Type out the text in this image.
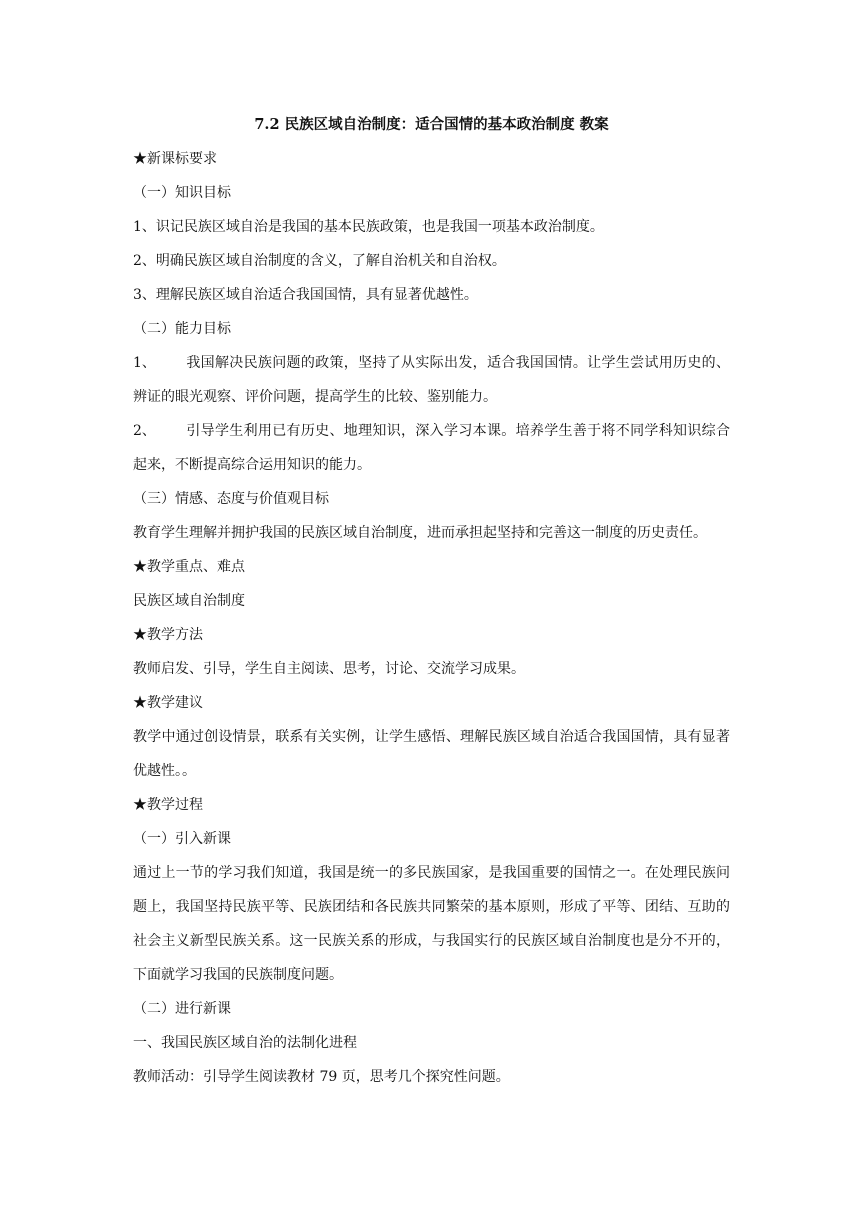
7.2 民族区域自治制度：适合国情的基本政治制度 教案

★新课标要求

（一）知识目标

1、识记民族区域自治是我国的基本民族政策，也是我国一项基本政治制度。

2、明确民族区域自治制度的含义，了解自治机关和自治权。

3、理解民族区域自治适合我国国情，具有显著优越性。

（二）能力目标

1、 我国解决民族问题的政策，坚持了从实际出发，适合我国国情。让学生尝试用历史的、辨证的眼光观察、评价问题，提高学生的比较、鉴别能力。

2、 引导学生利用已有历史、地理知识，深入学习本课。培养学生善于将不同学科知识综合起来，不断提高综合运用知识的能力。

（三）情感、态度与价值观目标

教育学生理解并拥护我国的民族区域自治制度，进而承担起坚持和完善这一制度的历史责任。

★教学重点、难点

民族区域自治制度

★教学方法

教师启发、引导，学生自主阅读、思考，讨论、交流学习成果。

★教学建议

教学中通过创设情景，联系有关实例，让学生感悟、理解民族区域自治适合我国国情，具有显著优越性。。

★教学过程

（一）引入新课

通过上一节的学习我们知道，我国是统一的多民族国家，是我国重要的国情之一。在处理民族问题上，我国坚持民族平等、民族团结和各民族共同繁荣的基本原则，形成了平等、团结、互助的社会主义新型民族关系。这一民族关系的形成，与我国实行的民族区域自治制度也是分不开的，下面就学习我国的民族制度问题。

（二）进行新课

一、我国民族区域自治的法制化进程

教师活动：引导学生阅读教材 79 页，思考几个探究性问题。
